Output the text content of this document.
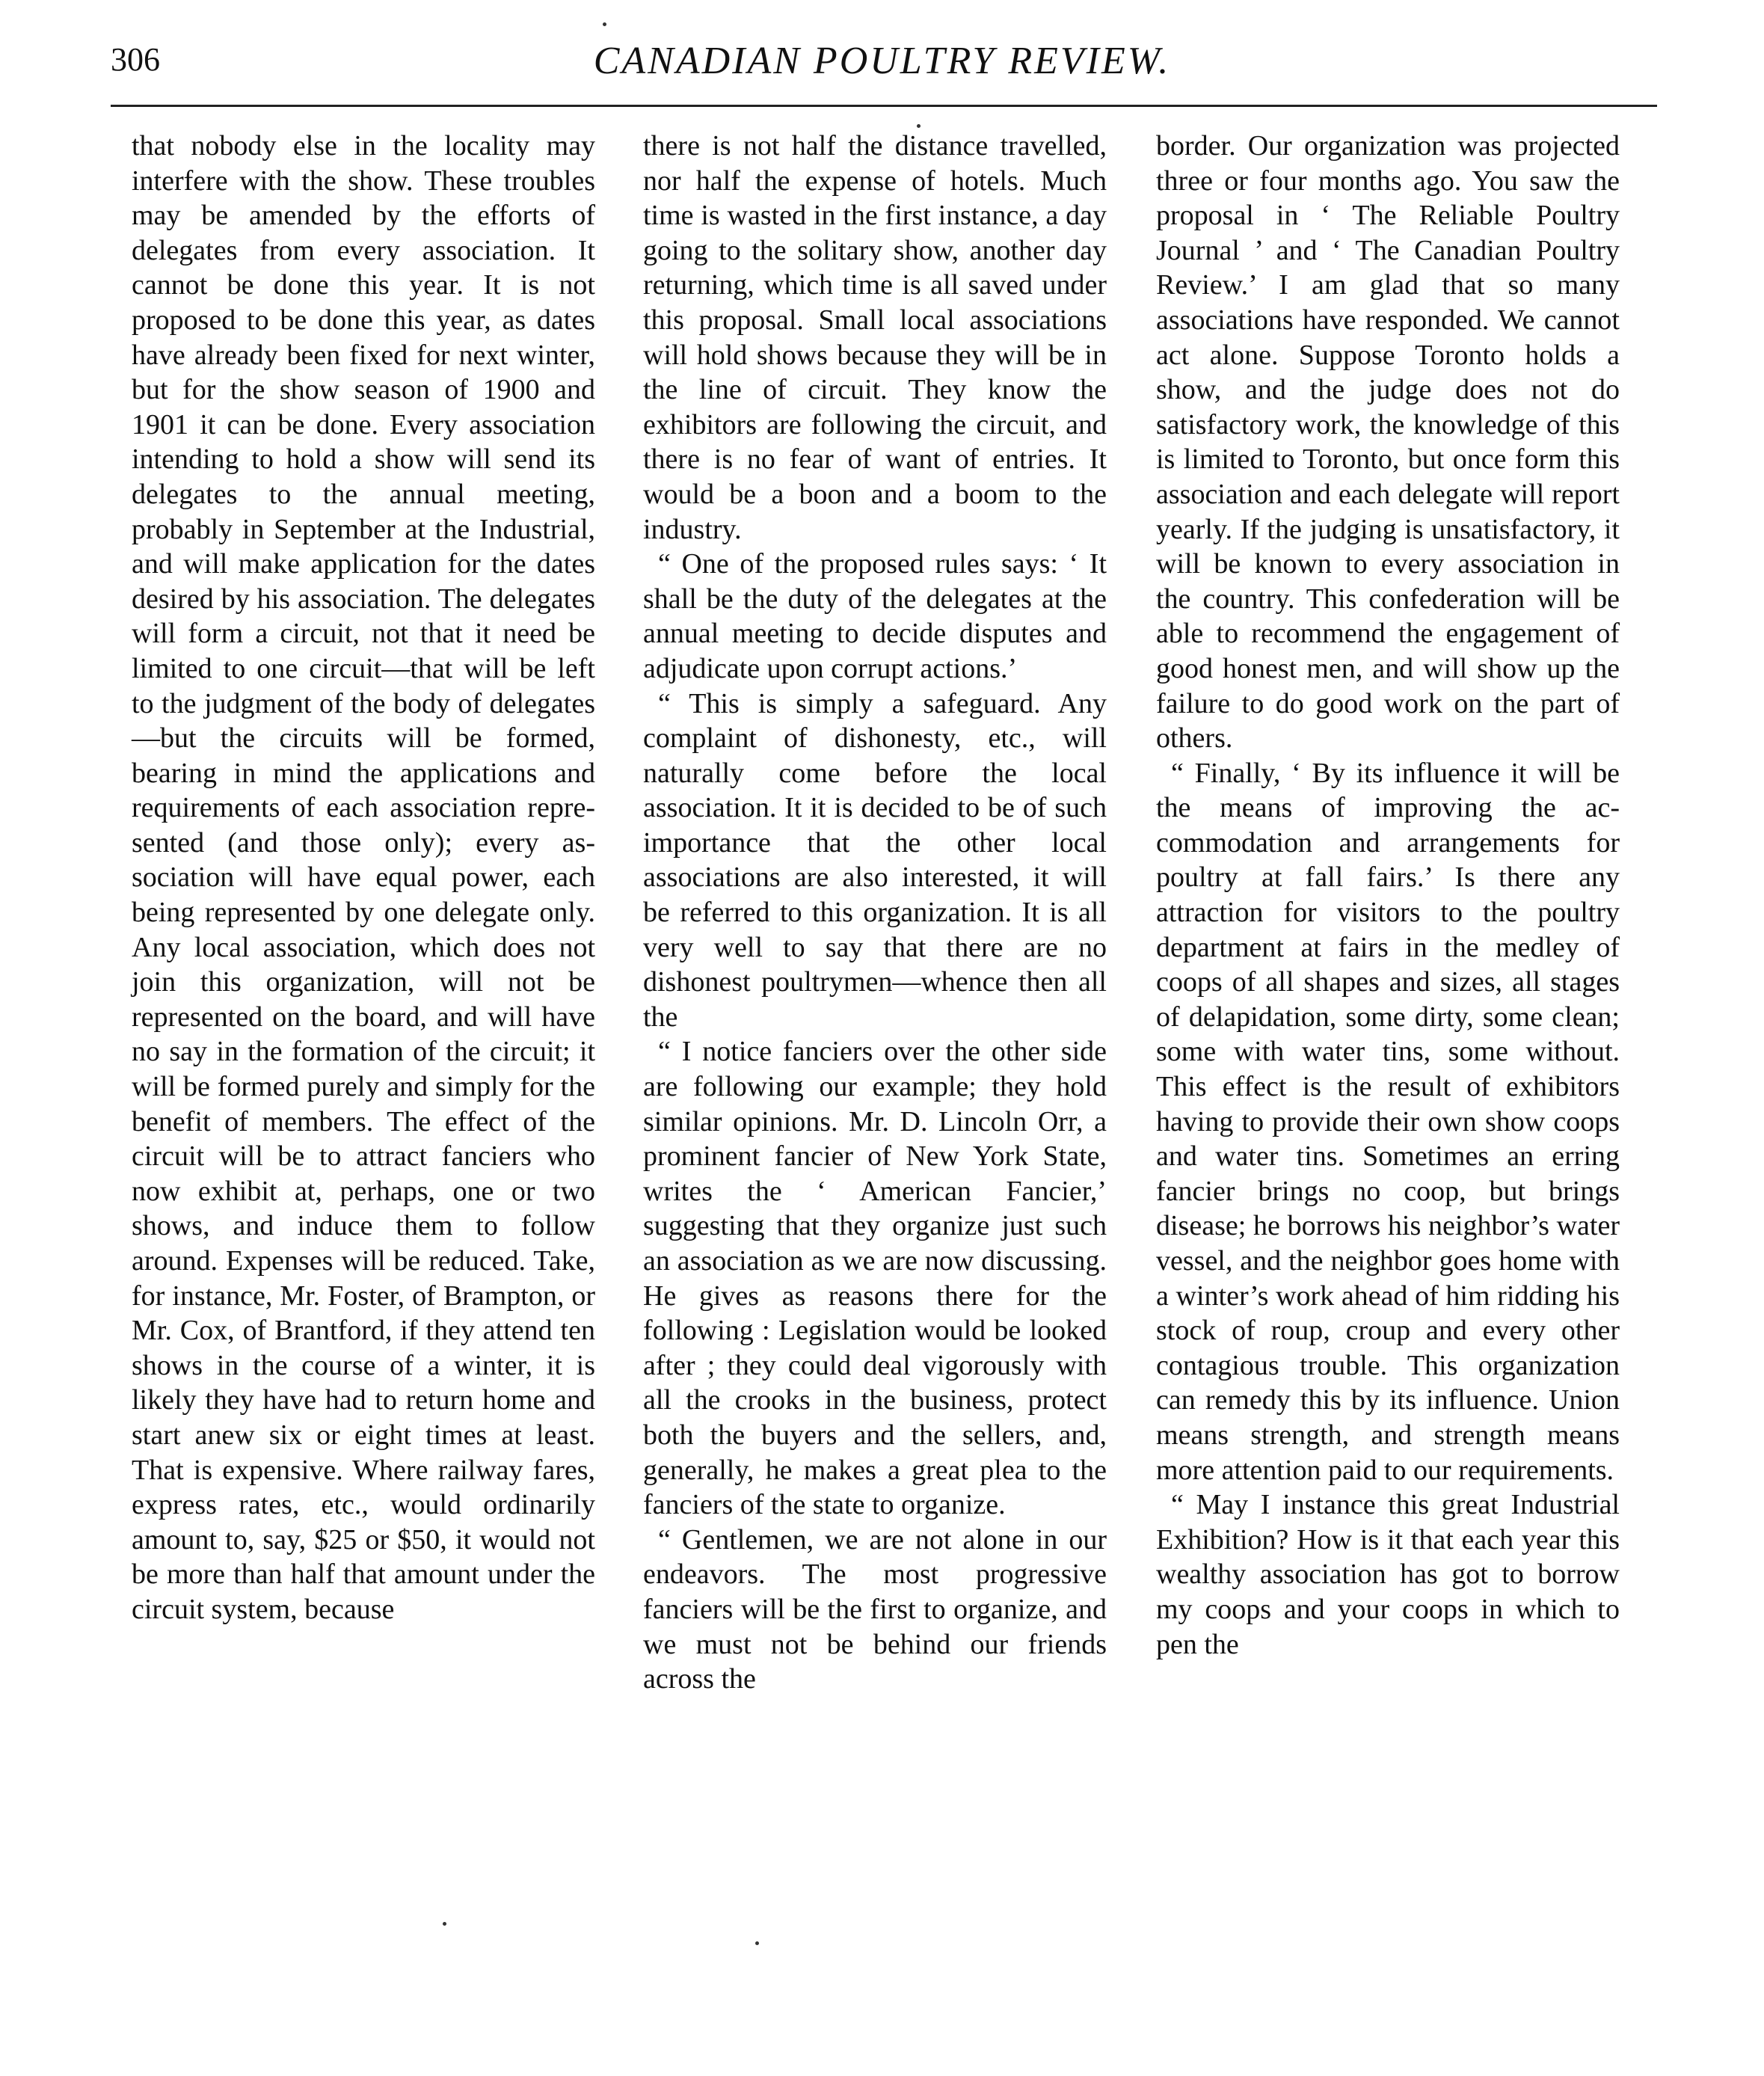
306	CANADIAN POULTRY REVIEW.

that nobody else in the locality may interfere with the show. These troubles may be amended by the efforts of delegates from every association. It cannot be done this year. It is not proposed to be done this year, as dates have already been fixed for next winter, but for the show season of 1900 and 1901 it can be done. Every association intending to hold a show will send its delegates to the annual meeting, probably in September at the Industrial, and will make application for the dates desired by his association. The delegates will form a circuit, not that it need be limited to one circuit—that will be left to the judgment of the body of delegates—but the circuits will be formed, bearing in mind the applications and requirements of each association represented (and those only); every association will have equal power, each being represented by one delegate only. Any local association, which does not join this organization, will not be represented on the board, and will have no say in the formation of the circuit; it will be formed purely and simply for the benefit of members. The effect of the circuit will be to attract fanciers who now exhibit at, perhaps, one or two shows, and induce them to follow around. Expenses will be reduced. Take, for instance, Mr. Foster, of Brampton, or Mr. Cox, of Brantford, if they attend ten shows in the course of a winter, it is likely they have had to return home and start anew six or eight times at least. That is expensive. Where railway fares, express rates, etc., would ordinarily amount to, say, $25 or $50, it would not be more than half that amount under the circuit system, because

there is not half the distance travelled, nor half the expense of hotels. Much time is wasted in the first instance, a day going to the solitary show, another day returning, which time is all saved under this proposal. Small local associations will hold shows because they will be in the line of circuit. They know the exhibitors are following the circuit, and there is no fear of want of entries. It would be a boon and a boom to the industry.

“ One of the proposed rules says: ‘ It shall be the duty of the delegates at the annual meeting to decide disputes and adjudicate upon corrupt actions.’

“ This is simply a safeguard. Any complaint of dishonesty, etc., will naturally come before the local association. It it is decided to be of such importance that the other local associations are also interested, it will be referred to this organization. It is all very well to say that there are no dishonest poultrymen—whence then all the

“ I notice fanciers over the other side are following our example; they hold similar opinions. Mr. D. Lincoln Orr, a prominent fancier of New York State, writes the ‘ American Fancier,’ suggesting that they organize just such an association as we are now discussing. He gives as reasons there for the following : Legislation would be looked after ; they could deal vigorously with all the crooks in the business, protect both the buyers and the sellers, and, generally, he makes a great plea to the fanciers of the state to organize.

“ Gentlemen, we are not alone in our endeavors. The most progressive fanciers will be the first to organize, and we must not be behind our friends across the

border. Our organization was projected three or four months ago. You saw the proposal in ‘ The Reliable Poultry Journal ’ and ‘ The Canadian Poultry Review.’ I am glad that so many associations have responded. We cannot act alone. Suppose Toronto holds a show, and the judge does not do satisfactory work, the knowledge of this is limited to Toronto, but once form this association and each delegate will report yearly. If the judging is unsatisfactory, it will be known to every association in the country. This confederation will be able to recommend the engagement of good honest men, and will show up the failure to do good work on the part of others.

“ Finally, ‘ By its influence it will be the means of improving the accommodation and arrangements for poultry at fall fairs.’ Is there any attraction for visitors to the poultry department at fairs in the medley of coops of all shapes and sizes, all stages of delapidation, some dirty, some clean; some with water tins, some without. This effect is the result of exhibitors having to provide their own show coops and water tins. Sometimes an erring fancier brings no coop, but brings disease; he borrows his neighbor’s water vessel, and the neighbor goes home with a winter’s work ahead of him ridding his stock of roup, croup and every other contagious trouble. This organization can remedy this by its influence. Union means strength, and strength means more attention paid to our requirements.

“ May I instance this great Industrial Exhibition? How is it that each year this wealthy association has got to borrow my coops and your coops in which to pen the
